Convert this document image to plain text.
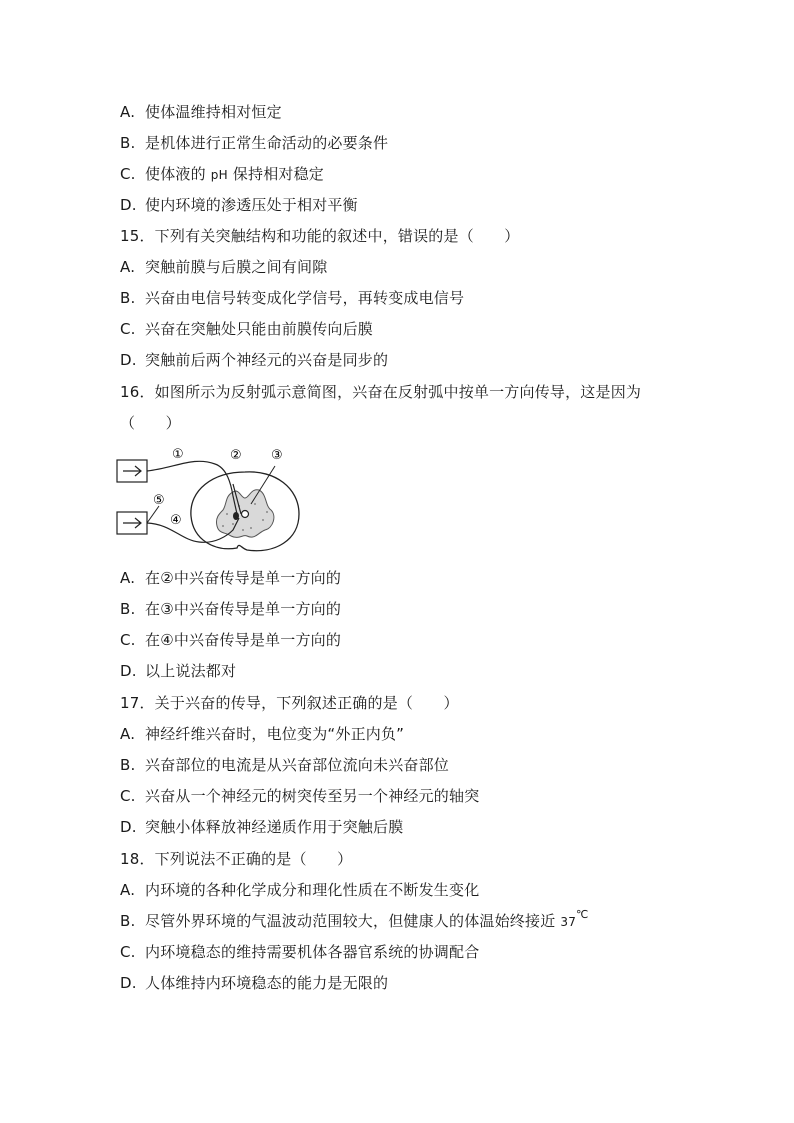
A. 使体温维持相对恒定
B. 是机体进行正常生命活动的必要条件
C. 使体液的 pH 保持相对稳定
D. 使内环境的渗透压处于相对平衡
15．下列有关突触结构和功能的叙述中，错误的是（　　）
A. 突触前膜与后膜之间有间隙
B. 兴奋由电信号转变成化学信号，再转变成电信号
C. 兴奋在突触处只能由前膜传向后膜
D. 突触前后两个神经元的兴奋是同步的
16．如图所示为反射弧示意简图，兴奋在反射弧中按单一方向传导，这是因为
（　　）
①	② ③
④
⑤
A. 在②中兴奋传导是单一方向的
B. 在③中兴奋传导是单一方向的
C. 在④中兴奋传导是单一方向的
D. 以上说法都对
17．关于兴奋的传导，下列叙述正确的是（　　）
A. 神经纤维兴奋时，电位变为“外正内负”
B. 兴奋部位的电流是从兴奋部位流向未兴奋部位
C. 兴奋从一个神经元的树突传至另一个神经元的轴突
D. 突触小体释放神经递质作用于突触后膜
18．下列说法不正确的是（　　）
A. 内环境的各种化学成分和理化性质在不断发生变化
B. 尽管外界环境的气温波动范围较大，但健康人的体温始终接近 37℃
C. 内环境稳态的维持需要机体各器官系统的协调配合
D. 人体维持内环境稳态的能力是无限的
